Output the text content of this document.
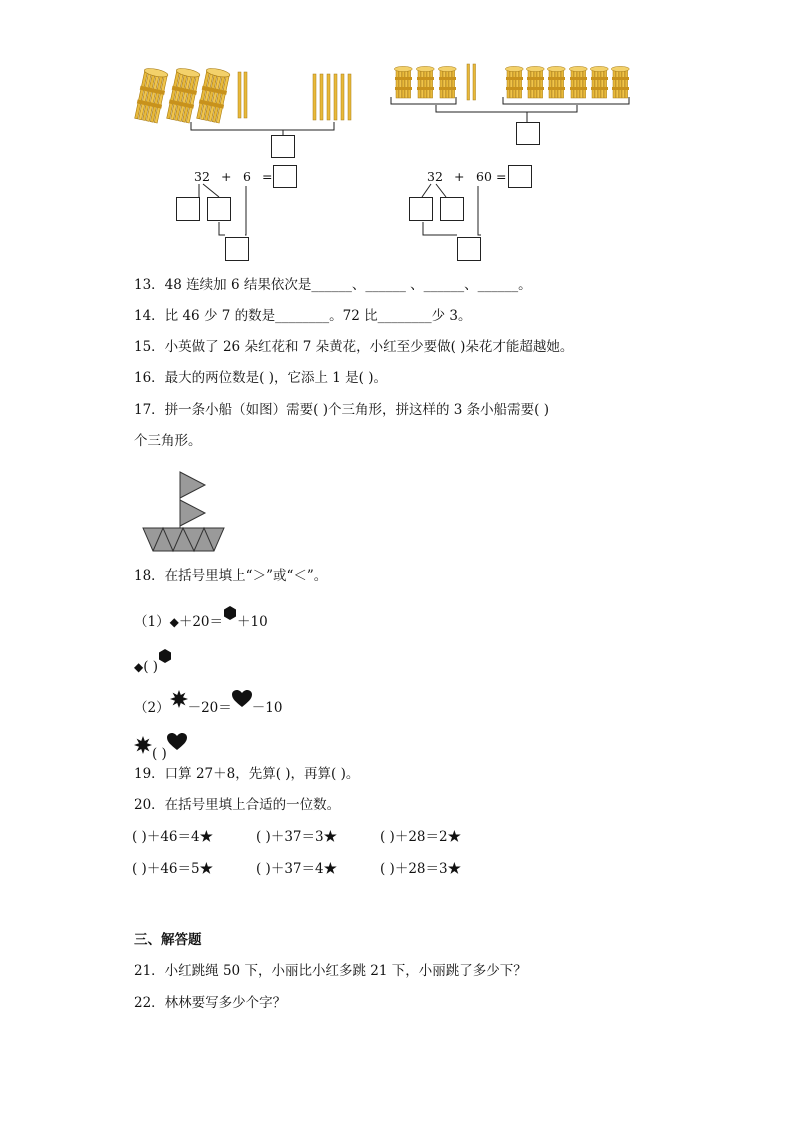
32 + 6 =	32 + 60 =
13．48 连续加 6 结果依次是______、______ 、______、______。
14．比 46 少 7 的数是________。72 比________少 3。
15．小英做了 26 朵红花和 7 朵黄花，小红至少要做( )朵花才能超越她。
16．最大的两位数是( )，它添上 1 是( )。
17．拼一条小船（如图）需要( )个三角形，拼这样的 3 条小船需要( )
个三角形。
18．在括号里填上“＞”或“＜”。
（1）◆＋20＝ ＋10
◆( )
（2） －20＝ －10
( )
19．口算 27＋8，先算( )，再算( )。
20．在括号里填上合适的一位数。
( )＋46＝4★	( )＋37＝3★	( )＋28＝2★
( )＋46＝5★	( )＋37＝4★	( )＋28＝3★
三、解答题
21．小红跳绳 50 下，小丽比小红多跳 21 下，小丽跳了多少下？
22．林林要写多少个字？
